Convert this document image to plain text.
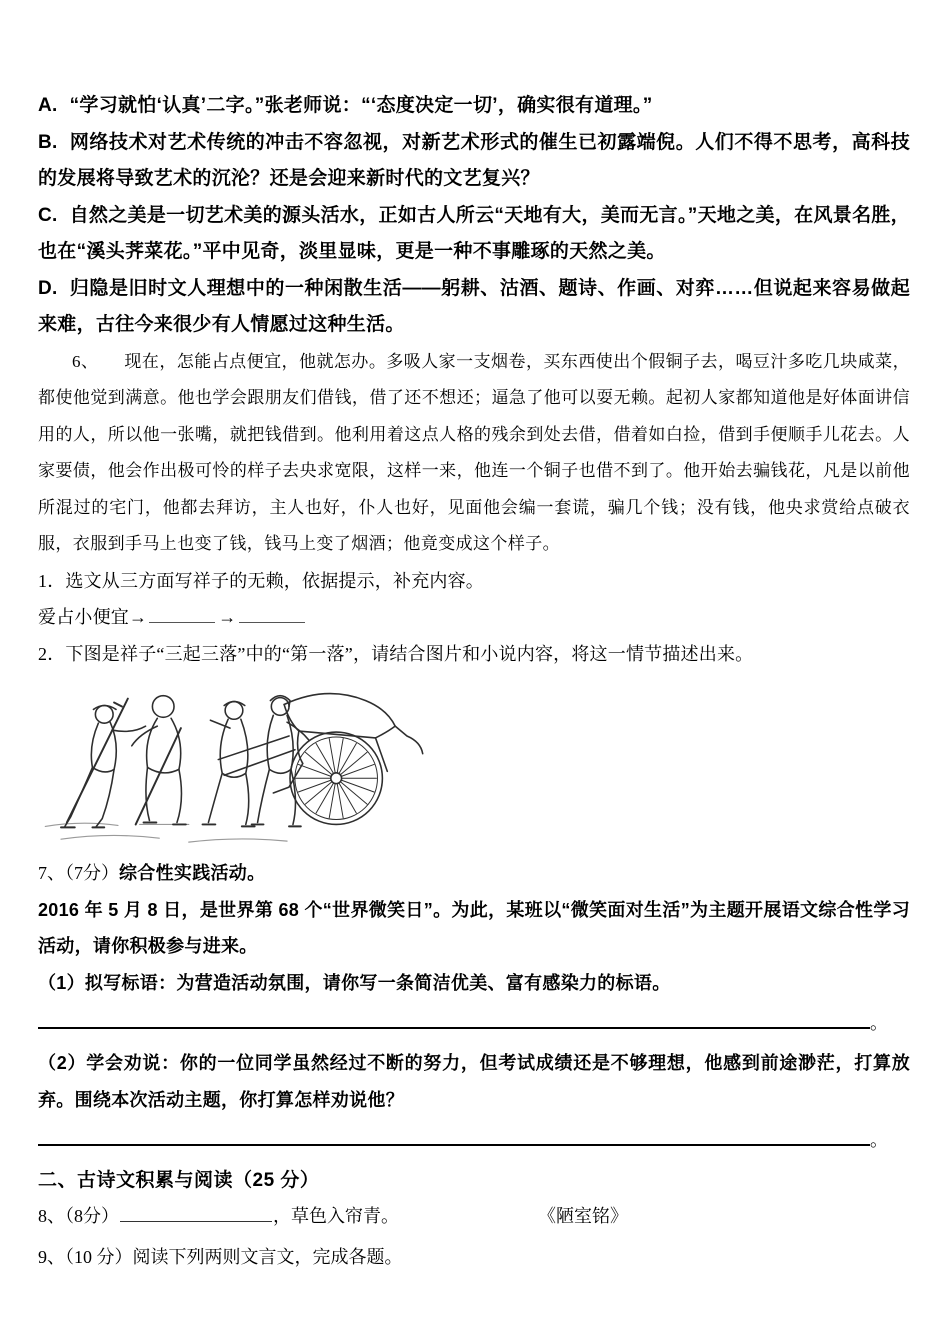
A. “学习就怕‘认真’二字。”张老师说：“‘态度决定一切’，确实很有道理。”
B. 网络技术对艺术传统的冲击不容忽视，对新艺术形式的催生已初露端倪。人们不得不思考，高科技的发展将导致艺术的沉沦？还是会迎来新时代的文艺复兴？
C. 自然之美是一切艺术美的源头活水，正如古人所云“天地有大，美而无言。”天地之美，在风景名胜，也在“溪头荠菜花。”平中见奇，淡里显味，更是一种不事雕琢的天然之美。
D. 归隐是旧时文人理想中的一种闲散生活——躬耕、沽酒、题诗、作画、对弈……但说起来容易做起来难，古往今来很少有人情愿过这种生活。
6、 现在，怎能占点便宜，他就怎办。多吸人家一支烟卷，买东西使出个假铜子去，喝豆汁多吃几块咸菜，都使他觉到满意。他也学会跟朋友们借钱，借了还不想还；逼急了他可以耍无赖。起初人家都知道他是好体面讲信用的人，所以他一张嘴，就把钱借到。他利用着这点人格的残余到处去借，借着如白捡，借到手便顺手儿花去。人家要债，他会作出极可怜的样子去央求宽限，这样一来，他连一个铜子也借不到了。他开始去骗钱花，凡是以前他所混过的宅门，他都去拜访，主人也好，仆人也好，见面他会编一套谎，骗几个钱；没有钱，他央求赏给点破衣服，衣服到手马上也变了钱，钱马上变了烟酒；他竟变成这个样子。
1．选文从三方面写祥子的无赖，依据提示，补充内容。
爱占小便宜→	→
2．下图是祥子“三起三落”中的“第一落”，请结合图片和小说内容，将这一情节描述出来。
7、（7分）综合性实践活动。
2016 年 5 月 8 日，是世界第 68 个“世界微笑日”。为此，某班以“微笑面对生活”为主题开展语文综合性学习活动，请你积极参与进来。
（1）拟写标语：为营造活动氛围，请你写一条简洁优美、富有感染力的标语。
。
（2）学会劝说：你的一位同学虽然经过不断的努力，但考试成绩还是不够理想，他感到前途渺茫，打算放弃。围绕本次活动主题，你打算怎样劝说他？
。
二、古诗文积累与阅读（25 分）
8、（8分）	，草色入帘青。	《陋室铭》
9、（10 分）阅读下列两则文言文，完成各题。
